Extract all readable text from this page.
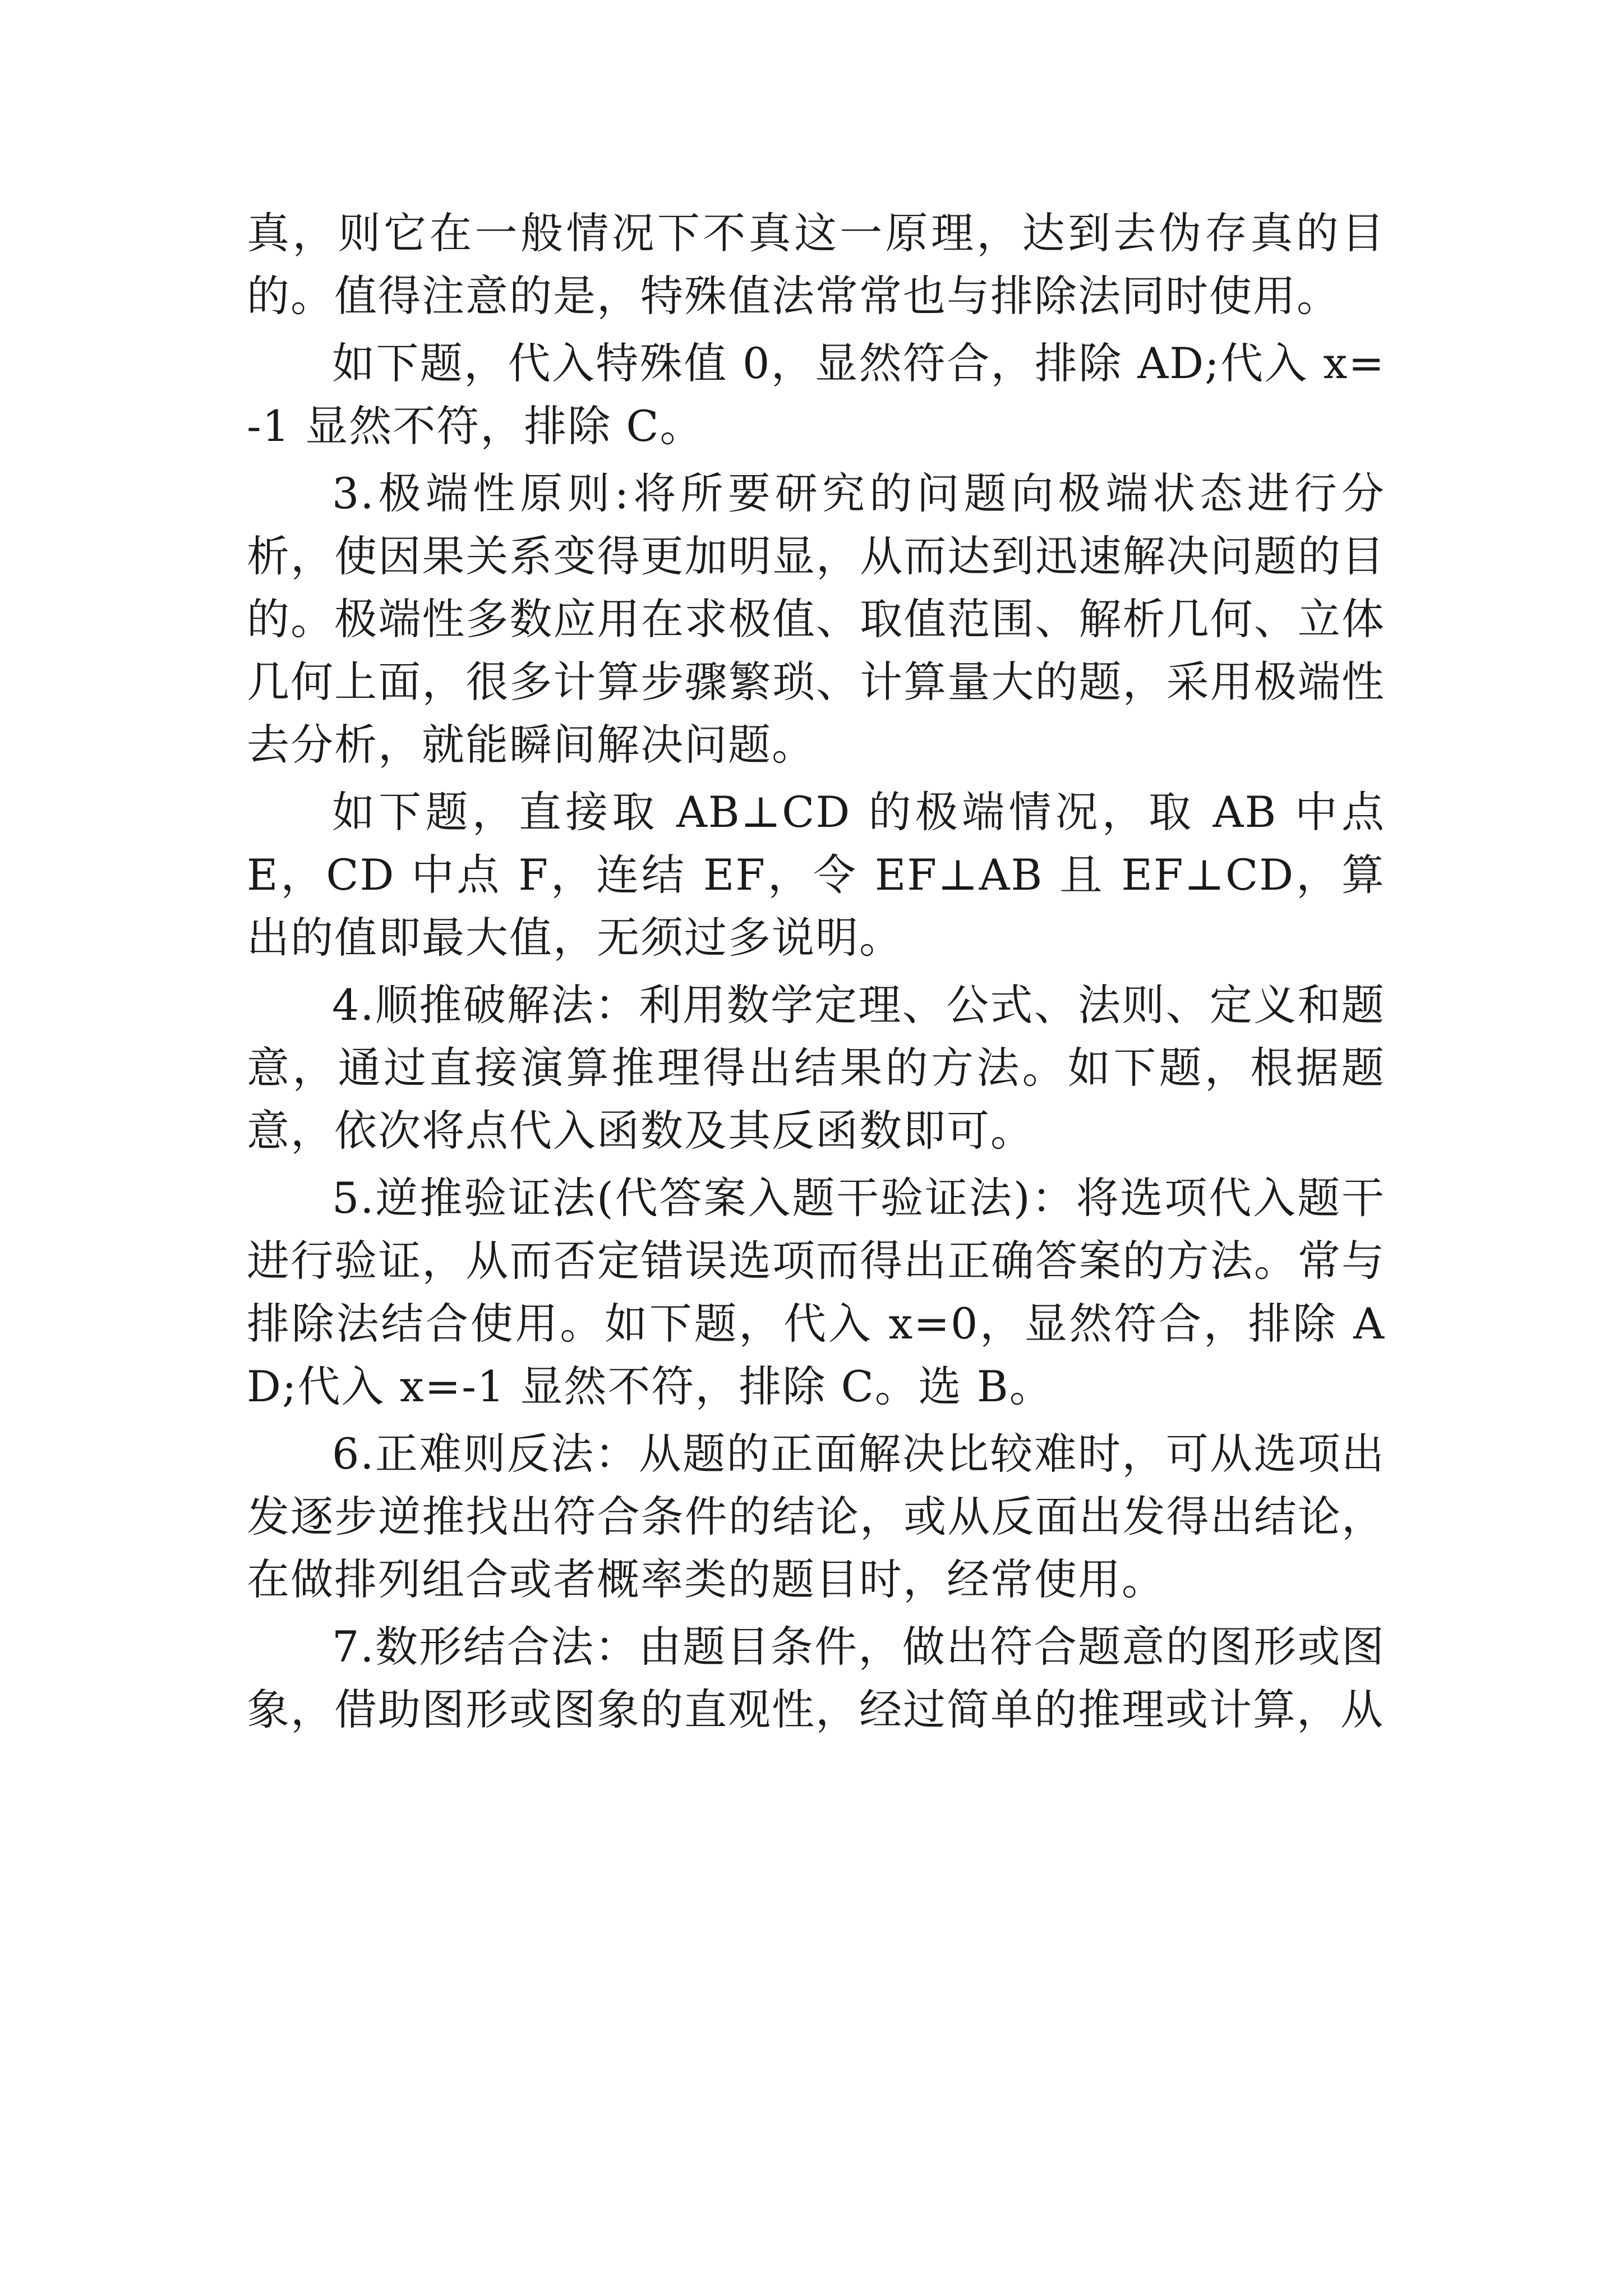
真，则它在一般情况下不真这一原理，达到去伪存真的目的。值得注意的是，特殊值法常常也与排除法同时使用。

如下题，代入特殊值 0，显然符合，排除 AD;代入 x=-1 显然不符，排除 C。

3.极端性原则:将所要研究的问题向极端状态进行分析，使因果关系变得更加明显，从而达到迅速解决问题的目的。极端性多数应用在求极值、取值范围、解析几何、立体几何上面，很多计算步骤繁琐、计算量大的题，采用极端性去分析，就能瞬间解决问题。

如下题，直接取 AB⊥CD 的极端情况，取 AB 中点 E，CD 中点 F，连结 EF，令 EF⊥AB 且 EF⊥CD，算出的值即最大值，无须过多说明。

4.顺推破解法：利用数学定理、公式、法则、定义和题意，通过直接演算推理得出结果的方法。如下题，根据题意，依次将点代入函数及其反函数即可。

5.逆推验证法(代答案入题干验证法)：将选项代入题干进行验证，从而否定错误选项而得出正确答案的方法。常与排除法结合使用。如下题，代入 x=0，显然符合，排除 AD;代入 x=-1 显然不符，排除 C。选 B。

6.正难则反法：从题的正面解决比较难时，可从选项出发逐步逆推找出符合条件的结论，或从反面出发得出结论，在做排列组合或者概率类的题目时，经常使用。

7.数形结合法：由题目条件，做出符合题意的图形或图象，借助图形或图象的直观性，经过简单的推理或计算，从
